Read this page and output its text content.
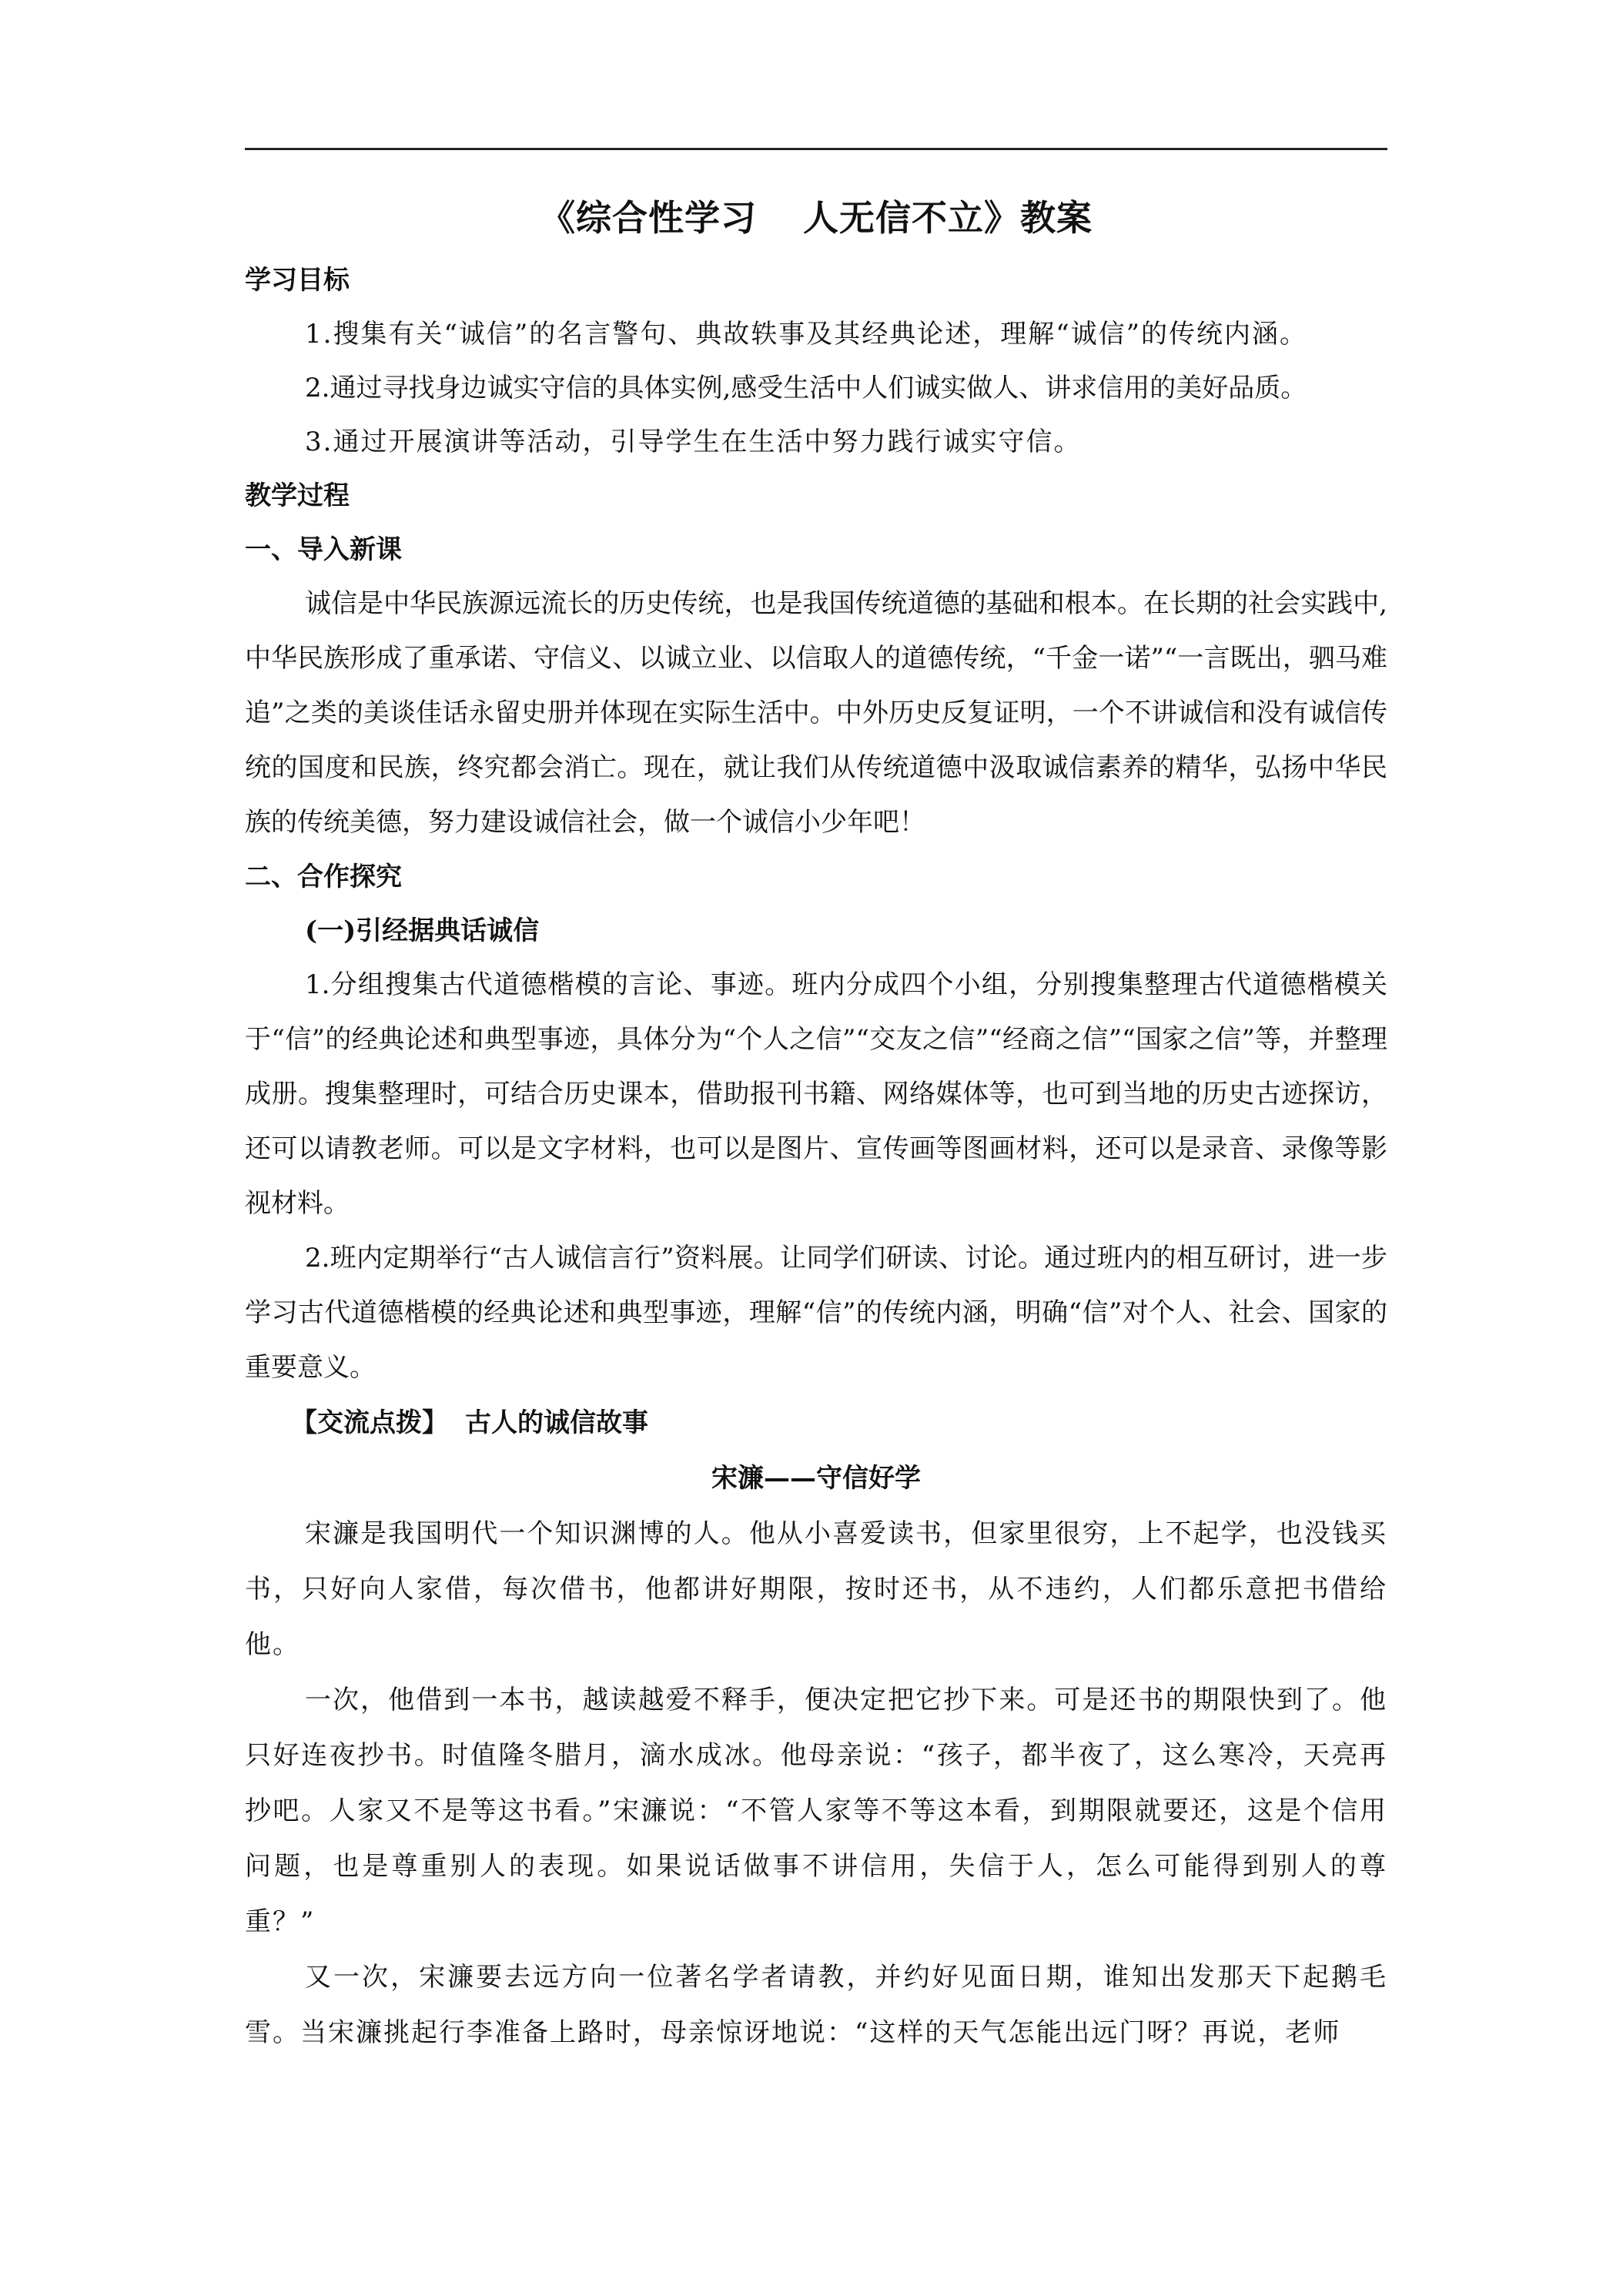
《综合性学习 人无信不立》教案
学习目标
1.搜集有关“诚信”的名言警句、典故轶事及其经典论述，理解“诚信”的传统内涵。
2.通过寻找身边诚实守信的具体实例,感受生活中人们诚实做人、讲求信用的美好品质。
3.通过开展演讲等活动，引导学生在生活中努力践行诚实守信。
教学过程
一、导入新课
诚信是中华民族源远流长的历史传统，也是我国传统道德的基础和根本。在长期的社会实践中,中华民族形成了重承诺、守信义、以诚立业、以信取人的道德传统，“千金一诺”“一言既出，驷马难追”之类的美谈佳话永留史册并体现在实际生活中。中外历史反复证明，一个不讲诚信和没有诚信传统的国度和民族，终究都会消亡。现在，就让我们从传统道德中汲取诚信素养的精华，弘扬中华民族的传统美德，努力建设诚信社会，做一个诚信小少年吧！
二、合作探究
(一)引经据典话诚信
1.分组搜集古代道德楷模的言论、事迹。班内分成四个小组，分别搜集整理古代道德楷模关于“信”的经典论述和典型事迹，具体分为“个人之信”“交友之信”“经商之信”“国家之信”等，并整理成册。搜集整理时，可结合历史课本，借助报刊书籍、网络媒体等，也可到当地的历史古迹探访，还可以请教老师。可以是文字材料，也可以是图片、宣传画等图画材料，还可以是录音、录像等影视材料。
2.班内定期举行“古人诚信言行”资料展。让同学们研读、讨论。通过班内的相互研讨，进一步学习古代道德楷模的经典论述和典型事迹，理解“信”的传统内涵，明确“信”对个人、社会、国家的重要意义。
【交流点拨】 古人的诚信故事
宋濂——守信好学
宋濂是我国明代一个知识渊博的人。他从小喜爱读书，但家里很穷，上不起学，也没钱买书，只好向人家借，每次借书，他都讲好期限，按时还书，从不违约，人们都乐意把书借给他。
一次，他借到一本书，越读越爱不释手，便决定把它抄下来。可是还书的期限快到了。他只好连夜抄书。时值隆冬腊月，滴水成冰。他母亲说：“孩子，都半夜了，这么寒冷，天亮再抄吧。人家又不是等这书看。”宋濂说：“不管人家等不等这本看，到期限就要还，这是个信用问题，也是尊重别人的表现。如果说话做事不讲信用，失信于人，怎么可能得到别人的尊重？”
又一次，宋濂要去远方向一位著名学者请教，并约好见面日期，谁知出发那天下起鹅毛雪。当宋濂挑起行李准备上路时，母亲惊讶地说：“这样的天气怎能出远门呀？再说，老师
